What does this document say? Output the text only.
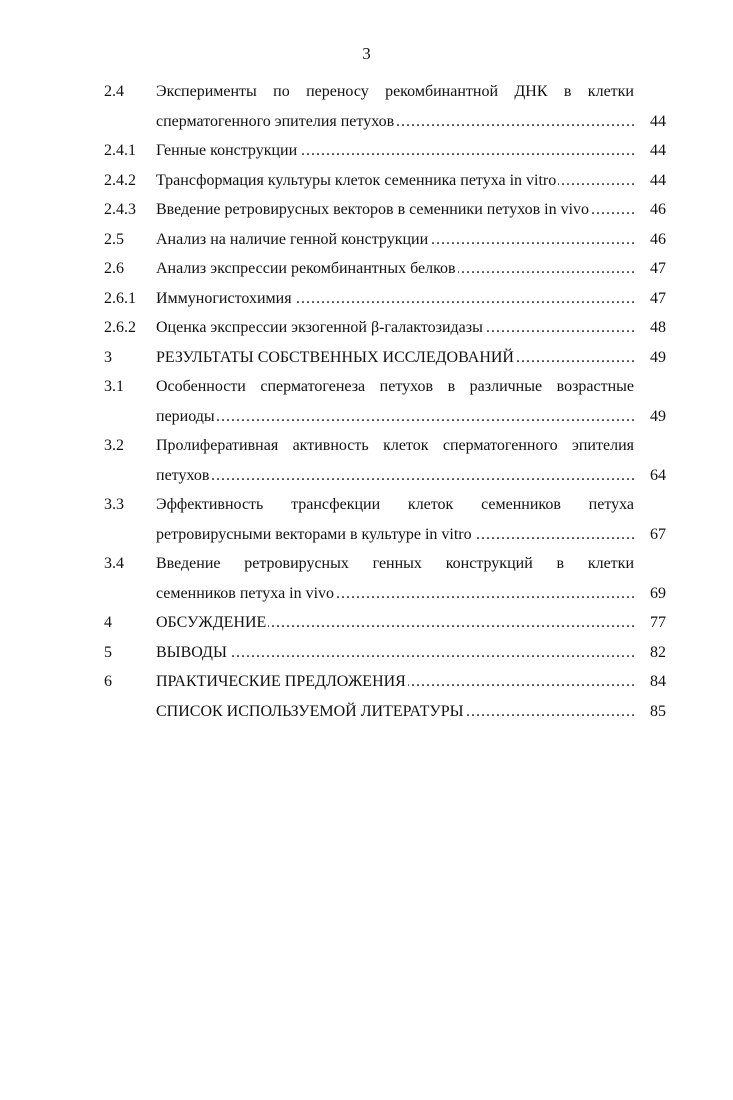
3
2.4 Эксперименты по переносу рекомбинантной ДНК в клетки
.....
сперматогенного эпителия петухов	44
2.4.1 ..... Генные конструкции	44
2.4.2 ..... Трансформация культуры клеток семенника петуха in vitro	44
2.4.3 ..... Введение ретровирусных векторов в семенники петухов in vivo	46
2.5 ..... Анализ на наличие генной конструкции	46
2.6 ..... Анализ экспрессии рекомбинантных белков	47
2.6.1 ..... Иммуногистохимия	47
2.6.2 ..... Оценка экспрессии экзогенной β-галактозидазы	48
3 .....	РЕЗУЛЬТАТЫ СОБСТВЕННЫХ ИССЛЕДОВАНИЙ	49
3.1 Особенности сперматогенеза петухов в различные возрастные
.....
периоды	49
3.2 Пролиферативная активность клеток сперматогенного эпителия
.....
петухов	64
3.3 Эффективность трансфекции клеток семенников петуха
.....
ретровирусными векторами в культуре in vitro	67
3.4 Введение ретровирусных генных конструкций в клетки
.....
семенников петуха in vivo	69
4 .....	ОБСУЖДЕНИЕ	77
5 .....	ВЫВОДЫ	82
6 .....	ПРАКТИЧЕСКИЕ ПРЕДЛОЖЕНИЯ	84
.....
СПИСОК ИСПОЛЬЗУЕМОЙ ЛИТЕРАТУРЫ	85
